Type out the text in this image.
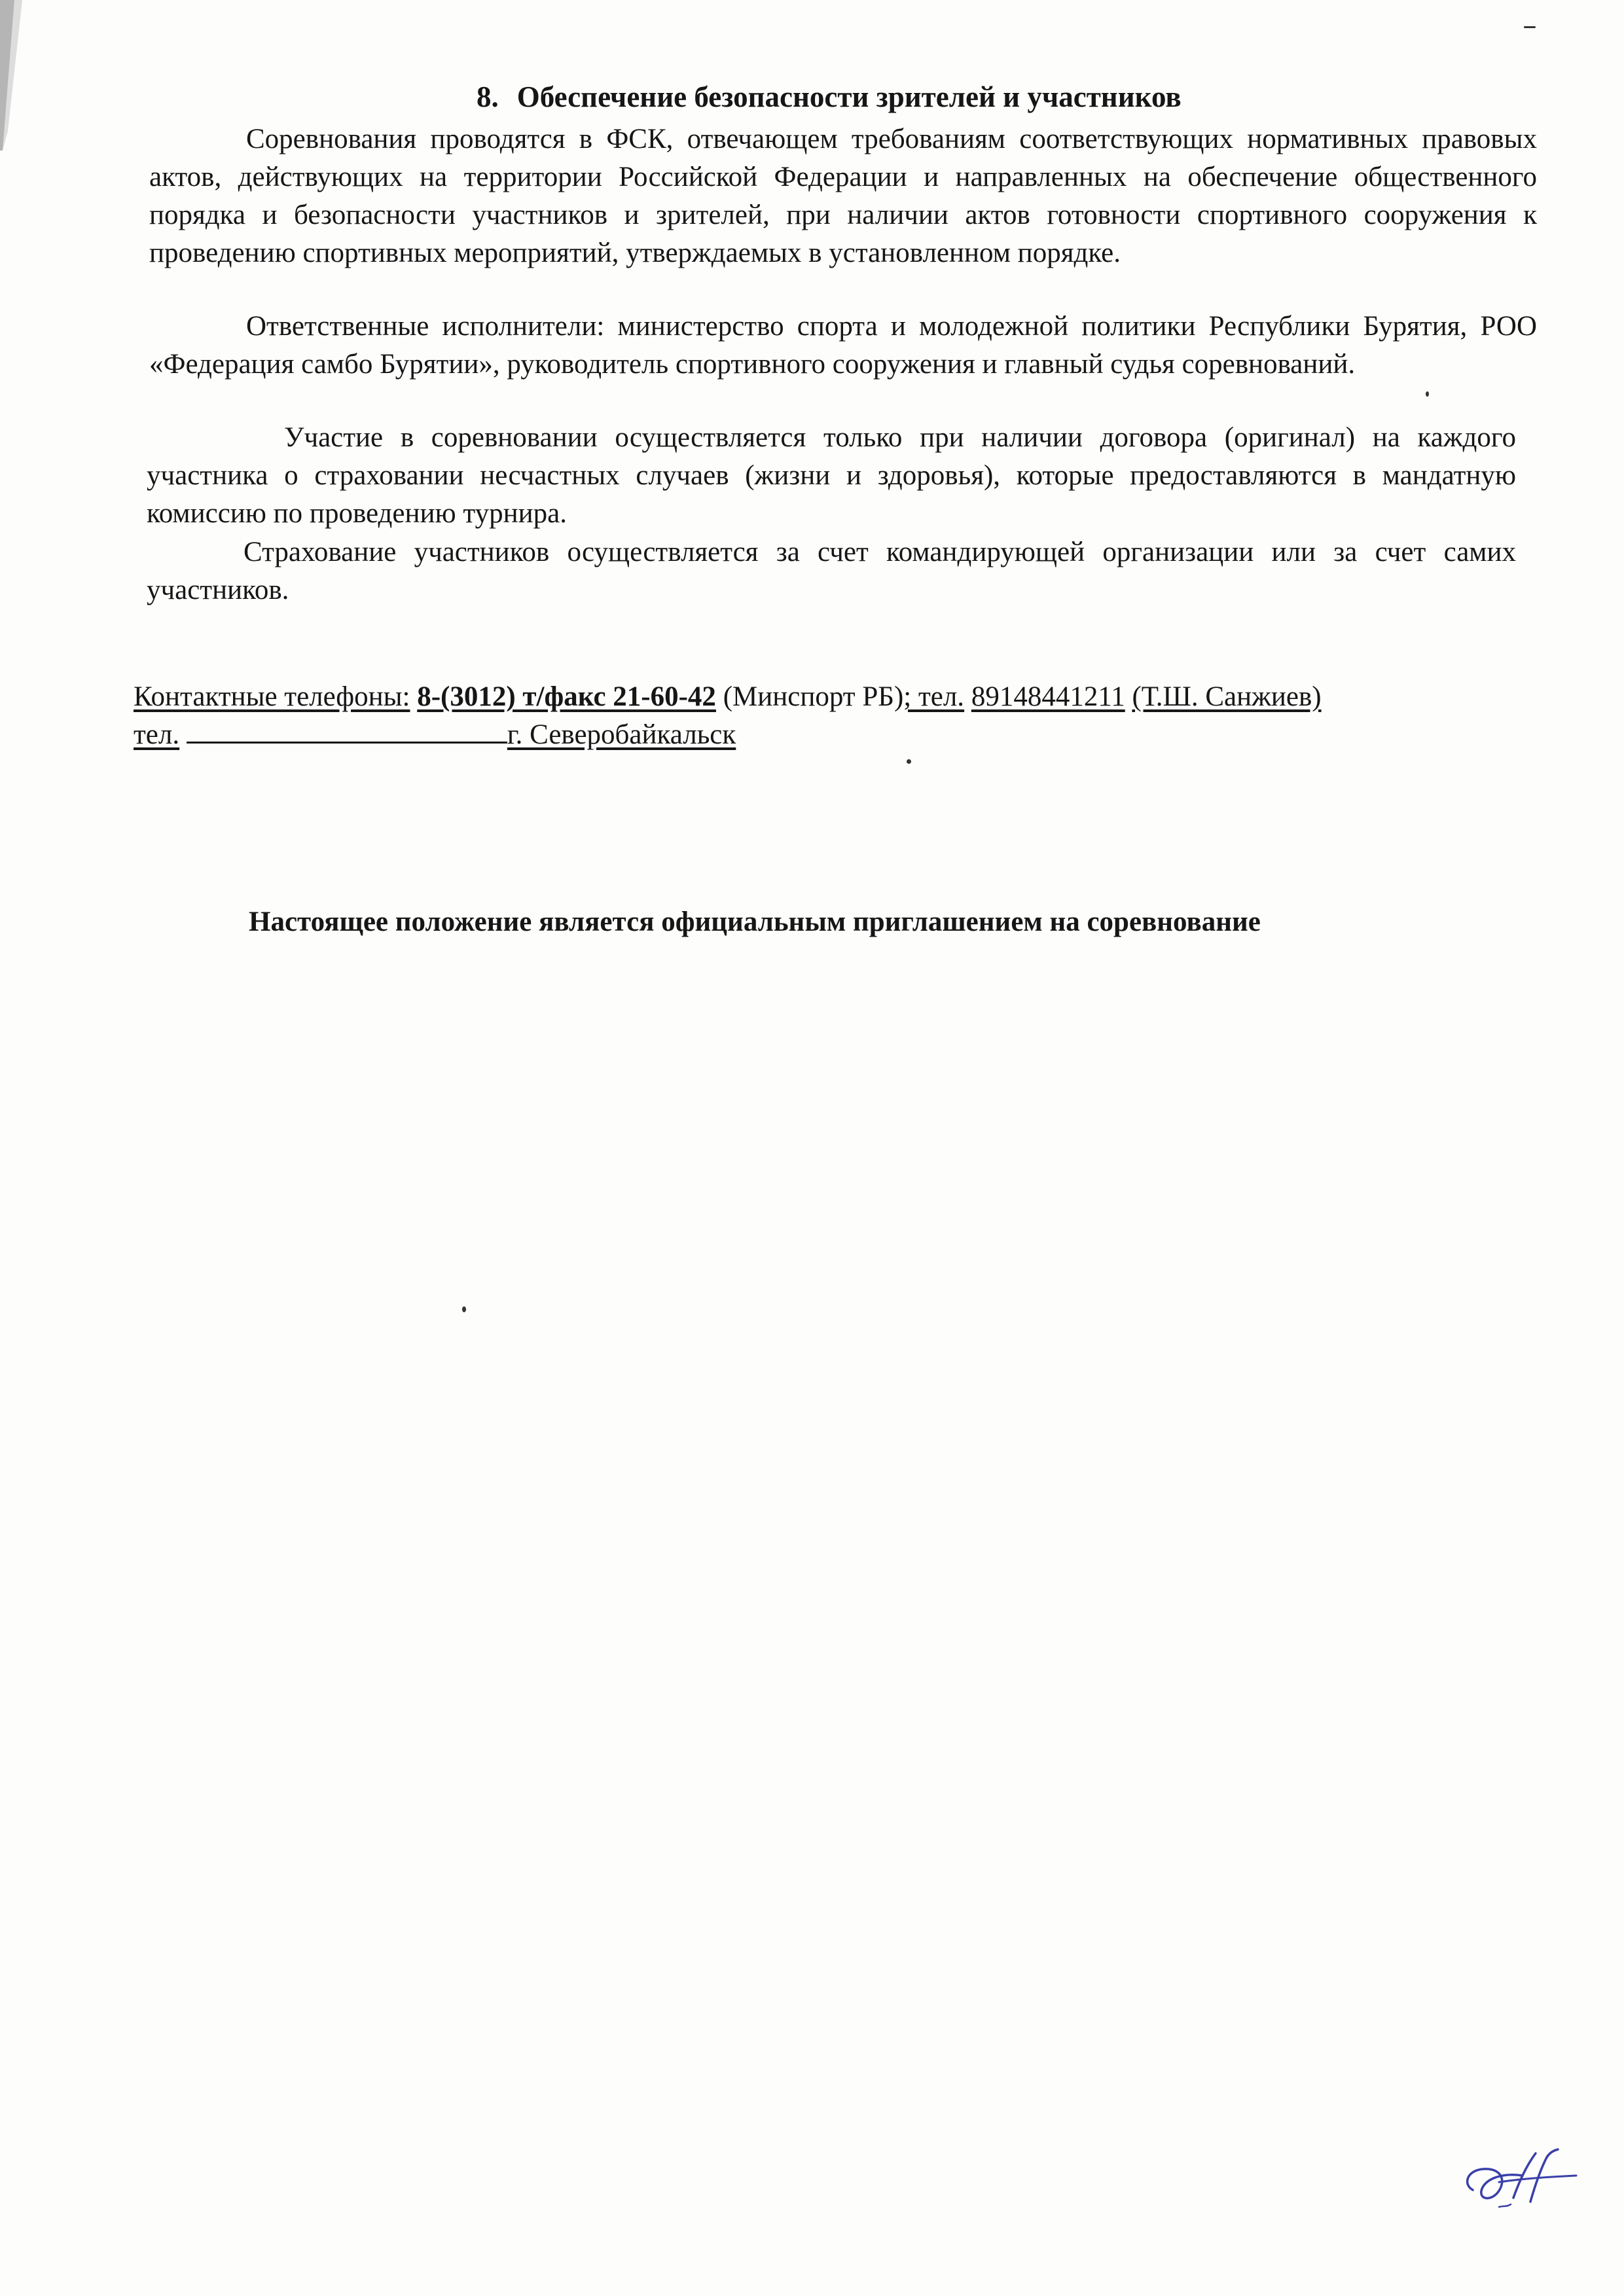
8. Обеспечение безопасности зрителей и участников

Соревнования проводятся в ФСК, отвечающем требованиям соответствующих нормативных правовых актов, действующих на территории Российской Федерации и направленных на обеспечение общественного порядка и безопасности участников и зрителей, при наличии актов готовности спортивного сооружения к проведению спортивных мероприятий, утверждаемых в установленном порядке.

Ответственные исполнители: министерство спорта и молодежной политики Республики Бурятия, РОО «Федерация самбо Бурятии», руководитель спортивного сооружения и главный судья соревнований.

Участие в соревновании осуществляется только при наличии договора (оригинал) на каждого участника о страховании несчастных случаев (жизни и здоровья), которые предоставляются в мандатную комиссию по проведению турнира.

Страхование участников осуществляется за счет командирующей организации или за счет самих участников.

Контактные телефоны: 8-(3012) т/факс 21-60-42 (Минспорт РБ); тел. 89148441211 (Т.Ш. Санжиев)
тел.	г. Северобайкальск

Настоящее положение является официальным приглашением на соревнование
